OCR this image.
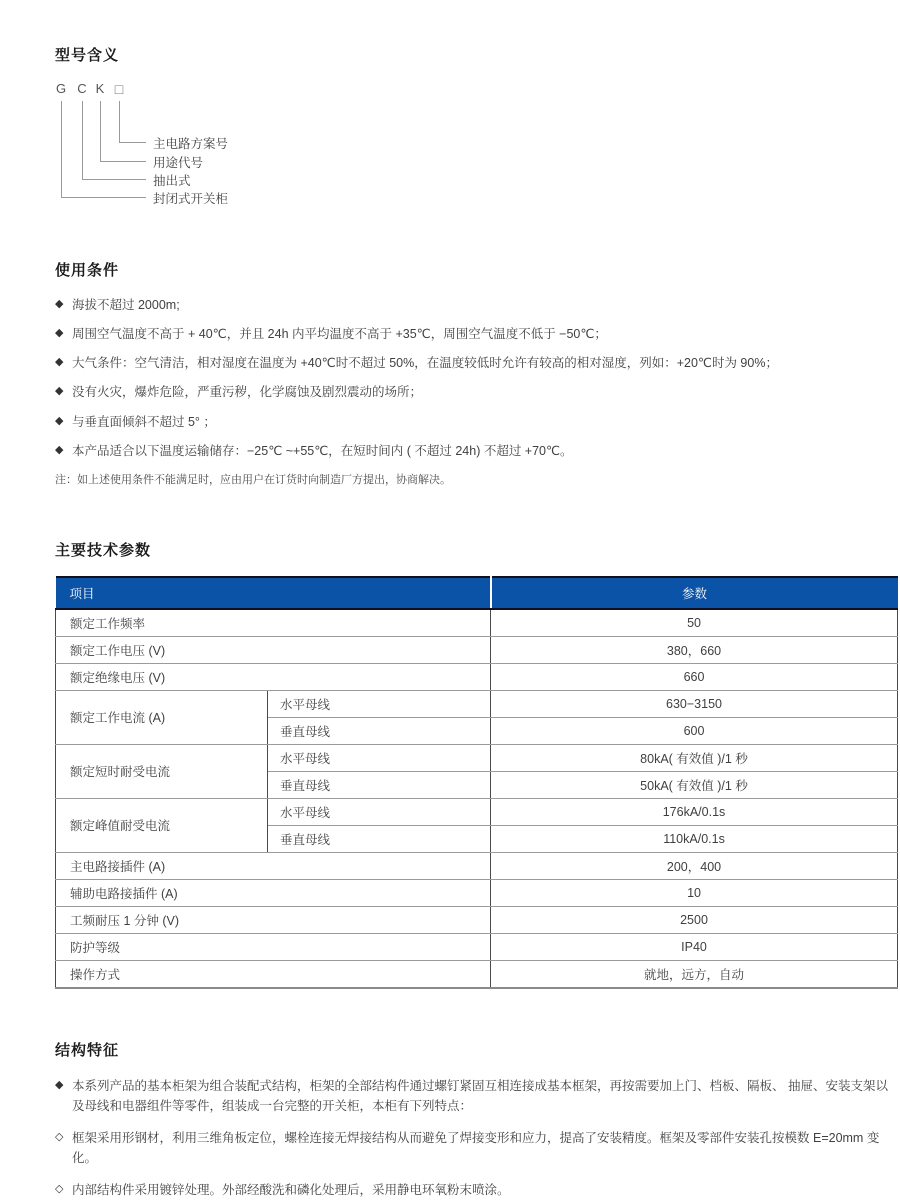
型号含义
G C K □
主电路方案号
用途代号
抽出式
封闭式开关柜
使用条件
◆ 海拔不超过 2000m;
◆ 周围空气温度不高于 + 40℃，并且 24h 内平均温度不高于 +35℃，周围空气温度不低于 −50℃；
◆ 大气条件：空气清洁，相对湿度在温度为 +40℃时不超过 50%，在温度较低时允许有较高的相对湿度，列如：+20℃时为 90%；
◆ 没有火灾，爆炸危险，严重污秽，化学腐蚀及剧烈震动的场所；
◆ 与垂直面倾斜不超过 5° ；
◆ 本产品适合以下温度运输储存：−25℃ ~+55℃，在短时间内 ( 不超过 24h) 不超过 +70℃。

注：如上述使用条件不能满足时，应由用户在订货时向制造厂方提出，协商解决。

主要技术参数
项目		参数
额定工作频率		50
额定工作电压 (V)		380，660
额定绝缘电压 (V)		660
额定工作电流 (A)	水平母线	630−3150
	垂直母线	600
额定短时耐受电流	水平母线	80kA( 有效值 )/1 秒
	垂直母线	50kA( 有效值 )/1 秒
额定峰值耐受电流	水平母线	176kA/0.1s
	垂直母线	110kA/0.1s
主电路接插件 (A)		200，400
辅助电路接插件 (A)		10
工频耐压 1 分钟 (V)		2500
防护等级		IP40
操作方式		就地，远方，自动
结构特征
◆ 本系列产品的基本柜架为组合装配式结构，柜架的全部结构件通过螺钉紧固互相连接成基本框架，再按需要加上门、档板、隔板、 抽屉、安装支架以及母线和电器组件等零件，组装成一台完整的开关柜，本柜有下列特点：
◇ 框架采用形钢材，利用三维角板定位，螺栓连接无焊接结构从而避免了焊接变形和应力，提高了安装精度。框架及零部件安装孔按模数 E=20mm 变化。
◇ 内部结构件采用镀锌处理。外部经酸洗和磷化处理后，采用静电环氧粉末喷涂。
